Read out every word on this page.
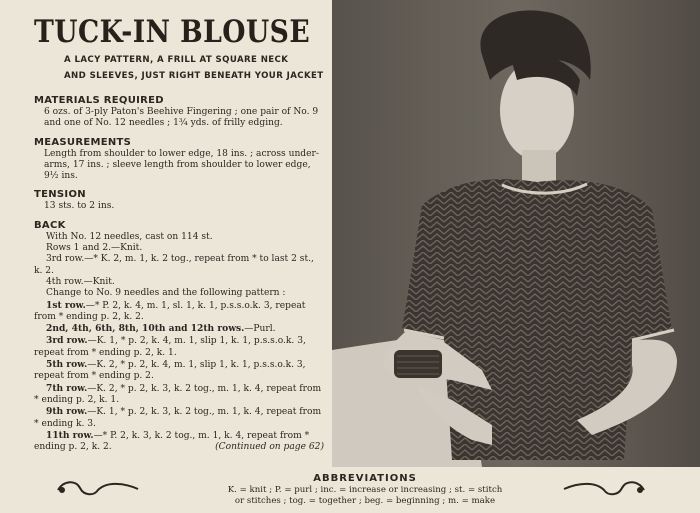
TUCK-IN BLOUSE
A LACY PATTERN, A FRILL AT SQUARE NECK
AND SLEEVES, JUST RIGHT BENEATH YOUR JACKET
MATERIALS REQUIRED
6 ozs. of 3-ply Paton's Beehive Fingering ; one pair of No. 9 and one of No. 12 needles ; 1¾ yds. of frilly edging.
MEASUREMENTS
Length from shoulder to lower edge, 18 ins. ; across under-arms, 17 ins. ; sleeve length from shoulder to lower edge, 9½ ins.
TENSION
13 sts. to 2 ins.
BACK
With No. 12 needles, cast on 114 st.
Rows 1 and 2.—Knit.
3rd row.—* K. 2, m. 1, k. 2 tog., repeat from * to last 2 st., k. 2.
4th row.—Knit.
Change to No. 9 needles and the following pattern :
1st row.—* P. 2, k. 4, m. 1, sl. 1, k. 1, p.s.s.o.k. 3, repeat from * ending p. 2, k. 2.
2nd, 4th, 6th, 8th, 10th and 12th rows.—Purl.
3rd row.—K. 1, * p. 2, k. 4, m. 1, slip 1, k. 1, p.s.s.o.k. 3, repeat from * ending p. 2, k. 1.
5th row.—K. 2, * p. 2, k. 4, m. 1, slip 1, k. 1, p.s.s.o.k. 3, repeat from * ending p. 2.
7th row.—K. 2, * p. 2, k. 3, k. 2 tog., m. 1, k. 4, repeat from * ending p. 2, k. 1.
9th row.—K. 1, * p. 2, k. 3, k. 2 tog., m. 1, k. 4, repeat from * ending k. 3.
11th row.—* P. 2, k. 3, k. 2 tog., m. 1, k. 4, repeat from * ending p. 2, k. 2.	(Continued on page 62)
ABBREVIATIONS
K. = knit ; P. = purl ; inc. = increase or increasing ; st. = stitch
or stitches ; tog. = together ; beg. = beginning ; m. = make
